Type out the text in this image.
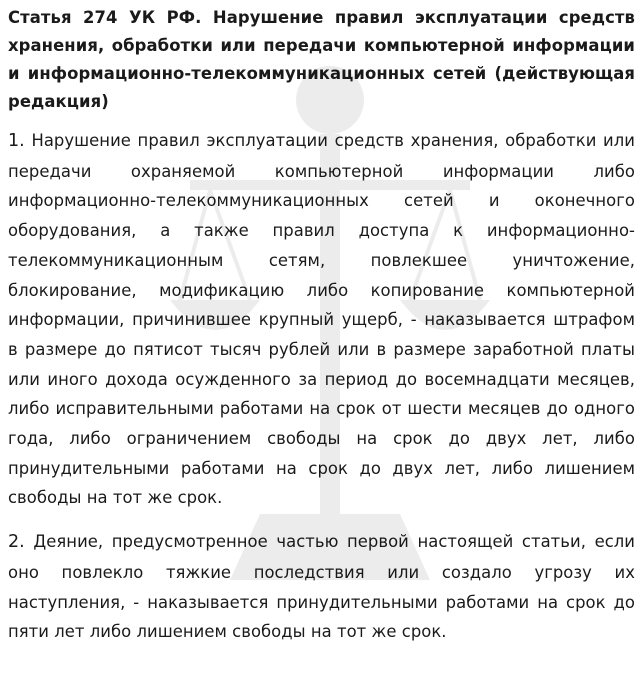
Статья 274 УК РФ. Нарушение правил эксплуатации средств хранения, обработки или передачи компьютерной информации и информационно-телекоммуникационных сетей (действующая редакция)

1. Нарушение правил эксплуатации средств хранения, обработки или передачи охраняемой компьютерной информации либо информационно-телекоммуникационных сетей и оконечного оборудования, а также правил доступа к информационно-телекоммуникационным сетям, повлекшее уничтожение, блокирование, модификацию либо копирование компьютерной информации, причинившее крупный ущерб, - наказывается штрафом в размере до пятисот тысяч рублей или в размере заработной платы или иного дохода осужденного за период до восемнадцати месяцев, либо исправительными работами на срок от шести месяцев до одного года, либо ограничением свободы на срок до двух лет, либо принудительными работами на срок до двух лет, либо лишением свободы на тот же срок.

2. Деяние, предусмотренное частью первой настоящей статьи, если оно повлекло тяжкие последствия или создало угрозу их наступления, - наказывается принудительными работами на срок до пяти лет либо лишением свободы на тот же срок.
